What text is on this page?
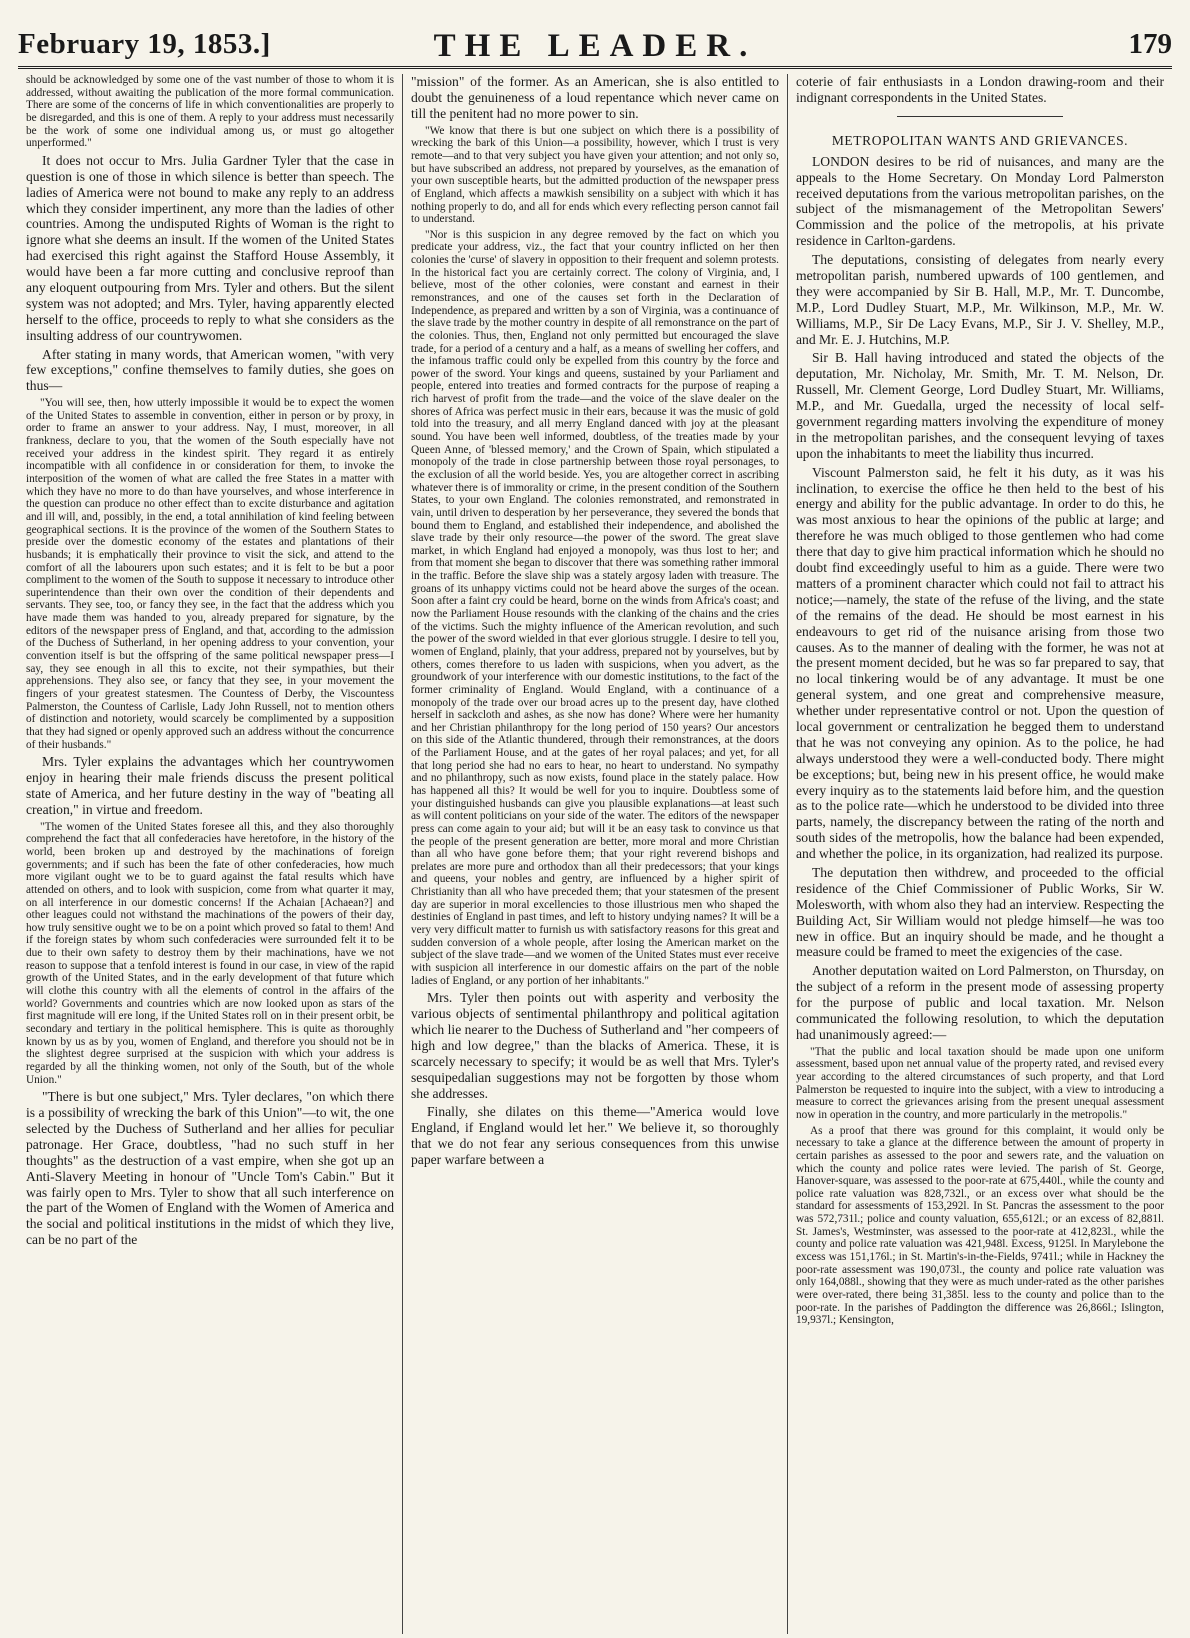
February 19, 1853.]	THE LEADER.	179

should be acknowledged by some one of the vast number of those to whom it is addressed, without awaiting the publication of the more formal communication. There are some of the concerns of life in which conventionalities are properly to be disregarded, and this is one of them. A reply to your address must necessarily be the work of some one individual among us, or must go altogether unperformed."

It does not occur to Mrs. Julia Gardner Tyler that the case in question is one of those in which silence is better than speech. The ladies of America were not bound to make any reply to an address which they consider impertinent, any more than the ladies of other countries. Among the undisputed Rights of Woman is the right to ignore what she deems an insult. If the women of the United States had exercised this right against the Stafford House Assembly, it would have been a far more cutting and conclusive reproof than any eloquent outpouring from Mrs. Tyler and others. But the silent system was not adopted; and Mrs. Tyler, having apparently elected herself to the office, proceeds to reply to what she considers as the insulting address of our countrywomen.

After stating in many words, that American women, "with very few exceptions," confine themselves to family duties, she goes on thus—

"You will see, then, how utterly impossible it would be to expect the women of the United States to assemble in convention, either in person or by proxy, in order to frame an answer to your address. Nay, I must, moreover, in all frankness, declare to you, that the women of the South especially have not received your address in the kindest spirit. They regard it as entirely incompatible with all confidence in or consideration for them, to invoke the interposition of the women of what are called the free States in a matter with which they have no more to do than have yourselves, and whose interference in the question can produce no other effect than to excite disturbance and agitation and ill will, and, possibly, in the end, a total annihilation of kind feeling between geographical sections. It is the province of the women of the Southern States to preside over the domestic economy of the estates and plantations of their husbands; it is emphatically their province to visit the sick, and attend to the comfort of all the labourers upon such estates; and it is felt to be but a poor compliment to the women of the South to suppose it necessary to introduce other superintendence than their own over the condition of their dependents and servants. They see, too, or fancy they see, in the fact that the address which you have made them was handed to you, already prepared for signature, by the editors of the newspaper press of England, and that, according to the admission of the Duchess of Sutherland, in her opening address to your convention, your convention itself is but the offspring of the same political newspaper press—I say, they see enough in all this to excite, not their sympathies, but their apprehensions. They also see, or fancy that they see, in your movement the fingers of your greatest statesmen. The Countess of Derby, the Viscountess Palmerston, the Countess of Carlisle, Lady John Russell, not to mention others of distinction and notoriety, would scarcely be complimented by a supposition that they had signed or openly approved such an address without the concurrence of their husbands."

Mrs. Tyler explains the advantages which her countrywomen enjoy in hearing their male friends discuss the present political state of America, and her future destiny in the way of "beating all creation," in virtue and freedom.

"The women of the United States foresee all this, and they also thoroughly comprehend the fact that all confederacies have heretofore, in the history of the world, been broken up and destroyed by the machinations of foreign governments; and if such has been the fate of other confederacies, how much more vigilant ought we to be to guard against the fatal results which have attended on others, and to look with suspicion, come from what quarter it may, on all interference in our domestic concerns! If the Achaian [Achaean?] and other leagues could not withstand the machinations of the powers of their day, how truly sensitive ought we to be on a point which proved so fatal to them! And if the foreign states by whom such confederacies were surrounded felt it to be due to their own safety to destroy them by their machinations, have we not reason to suppose that a tenfold interest is found in our case, in view of the rapid growth of the United States, and in the early development of that future which will clothe this country with all the elements of control in the affairs of the world? Governments and countries which are now looked upon as stars of the first magnitude will ere long, if the United States roll on in their present orbit, be secondary and tertiary in the political hemisphere. This is quite as thoroughly known by us as by you, women of England, and therefore you should not be in the slightest degree surprised at the suspicion with which your address is regarded by all the thinking women, not only of the South, but of the whole Union."

"There is but one subject," Mrs. Tyler declares, "on which there is a possibility of wrecking the bark of this Union"—to wit, the one selected by the Duchess of Sutherland and her allies for peculiar patronage. Her Grace, doubtless, "had no such stuff in her thoughts" as the destruction of a vast empire, when she got up an Anti-Slavery Meeting in honour of "Uncle Tom's Cabin." But it was fairly open to Mrs. Tyler to show that all such interference on the part of the Women of England with the Women of America and the social and political institutions in the midst of which they live, can be no part of the

"mission" of the former. As an American, she is also entitled to doubt the genuineness of a loud repentance which never came on till the penitent had no more power to sin.

"We know that there is but one subject on which there is a possibility of wrecking the bark of this Union—a possibility, however, which I trust is very remote—and to that very subject you have given your attention; and not only so, but have subscribed an address, not prepared by yourselves, as the emanation of your own susceptible hearts, but the admitted production of the newspaper press of England, which affects a mawkish sensibility on a subject with which it has nothing properly to do, and all for ends which every reflecting person cannot fail to understand.

"Nor is this suspicion in any degree removed by the fact on which you predicate your address, viz., the fact that your country inflicted on her then colonies the 'curse' of slavery in opposition to their frequent and solemn protests. In the historical fact you are certainly correct. The colony of Virginia, and, I believe, most of the other colonies, were constant and earnest in their remonstrances, and one of the causes set forth in the Declaration of Independence, as prepared and written by a son of Virginia, was a continuance of the slave trade by the mother country in despite of all remonstrance on the part of the colonies. Thus, then, England not only permitted but encouraged the slave trade, for a period of a century and a half, as a means of swelling her coffers, and the infamous traffic could only be expelled from this country by the force and power of the sword. Your kings and queens, sustained by your Parliament and people, entered into treaties and formed contracts for the purpose of reaping a rich harvest of profit from the trade—and the voice of the slave dealer on the shores of Africa was perfect music in their ears, because it was the music of gold told into the treasury, and all merry England danced with joy at the pleasant sound. You have been well informed, doubtless, of the treaties made by your Queen Anne, of 'blessed memory,' and the Crown of Spain, which stipulated a monopoly of the trade in close partnership between those royal personages, to the exclusion of all the world beside. Yes, you are altogether correct in ascribing whatever there is of immorality or crime, in the present condition of the Southern States, to your own England. The colonies remonstrated, and remonstrated in vain, until driven to desperation by her perseverance, they severed the bonds that bound them to England, and established their independence, and abolished the slave trade by their only resource—the power of the sword. The great slave market, in which England had enjoyed a monopoly, was thus lost to her; and from that moment she began to discover that there was something rather immoral in the traffic. Before the slave ship was a stately argosy laden with treasure. The groans of its unhappy victims could not be heard above the surges of the ocean. Soon after a faint cry could be heard, borne on the winds from Africa's coast; and now the Parliament House resounds with the clanking of the chains and the cries of the victims. Such the mighty influence of the American revolution, and such the power of the sword wielded in that ever glorious struggle. I desire to tell you, women of England, plainly, that your address, prepared not by yourselves, but by others, comes therefore to us laden with suspicions, when you advert, as the groundwork of your interference with our domestic institutions, to the fact of the former criminality of England. Would England, with a continuance of a monopoly of the trade over our broad acres up to the present day, have clothed herself in sackcloth and ashes, as she now has done? Where were her humanity and her Christian philanthropy for the long period of 150 years? Our ancestors on this side of the Atlantic thundered, through their remonstrances, at the doors of the Parliament House, and at the gates of her royal palaces; and yet, for all that long period she had no ears to hear, no heart to understand. No sympathy and no philanthropy, such as now exists, found place in the stately palace. How has happened all this? It would be well for you to inquire. Doubtless some of your distinguished husbands can give you plausible explanations—at least such as will content politicians on your side of the water. The editors of the newspaper press can come again to your aid; but will it be an easy task to convince us that the people of the present generation are better, more moral and more Christian than all who have gone before them; that your right reverend bishops and prelates are more pure and orthodox than all their predecessors; that your kings and queens, your nobles and gentry, are influenced by a higher spirit of Christianity than all who have preceded them; that your statesmen of the present day are superior in moral excellencies to those illustrious men who shaped the destinies of England in past times, and left to history undying names? It will be a very very difficult matter to furnish us with satisfactory reasons for this great and sudden conversion of a whole people, after losing the American market on the subject of the slave trade—and we women of the United States must ever receive with suspicion all interference in our domestic affairs on the part of the noble ladies of England, or any portion of her inhabitants."

Mrs. Tyler then points out with asperity and verbosity the various objects of sentimental philanthropy and political agitation which lie nearer to the Duchess of Sutherland and "her compeers of high and low degree," than the blacks of America. These, it is scarcely necessary to specify; it would be as well that Mrs. Tyler's sesquipedalian suggestions may not be forgotten by those whom she addresses.

Finally, she dilates on this theme—"America would love England, if England would let her." We believe it, so thoroughly that we do not fear any serious consequences from this unwise paper warfare between a

coterie of fair enthusiasts in a London drawing-room and their indignant correspondents in the United States.

METROPOLITAN WANTS AND GRIEVANCES.

LONDON desires to be rid of nuisances, and many are the appeals to the Home Secretary. On Monday Lord Palmerston received deputations from the various metropolitan parishes, on the subject of the mismanagement of the Metropolitan Sewers' Commission and the police of the metropolis, at his private residence in Carlton-gardens.

The deputations, consisting of delegates from nearly every metropolitan parish, numbered upwards of 100 gentlemen, and they were accompanied by Sir B. Hall, M.P., Mr. T. Duncombe, M.P., Lord Dudley Stuart, M.P., Mr. Wilkinson, M.P., Mr. W. Williams, M.P., Sir De Lacy Evans, M.P., Sir J. V. Shelley, M.P., and Mr. E. J. Hutchins, M.P.

Sir B. Hall having introduced and stated the objects of the deputation, Mr. Nicholay, Mr. Smith, Mr. T. M. Nelson, Dr. Russell, Mr. Clement George, Lord Dudley Stuart, Mr. Williams, M.P., and Mr. Guedalla, urged the necessity of local self-government regarding matters involving the expenditure of money in the metropolitan parishes, and the consequent levying of taxes upon the inhabitants to meet the liability thus incurred.

Viscount Palmerston said, he felt it his duty, as it was his inclination, to exercise the office he then held to the best of his energy and ability for the public advantage. In order to do this, he was most anxious to hear the opinions of the public at large; and therefore he was much obliged to those gentlemen who had come there that day to give him practical information which he should no doubt find exceedingly useful to him as a guide. There were two matters of a prominent character which could not fail to attract his notice;—namely, the state of the refuse of the living, and the state of the remains of the dead. He should be most earnest in his endeavours to get rid of the nuisance arising from those two causes. As to the manner of dealing with the former, he was not at the present moment decided, but he was so far prepared to say, that no local tinkering would be of any advantage. It must be one general system, and one great and comprehensive measure, whether under representative control or not. Upon the question of local government or centralization he begged them to understand that he was not conveying any opinion. As to the police, he had always understood they were a well-conducted body. There might be exceptions; but, being new in his present office, he would make every inquiry as to the statements laid before him, and the question as to the police rate—which he understood to be divided into three parts, namely, the discrepancy between the rating of the north and south sides of the metropolis, how the balance had been expended, and whether the police, in its organization, had realized its purpose.

The deputation then withdrew, and proceeded to the official residence of the Chief Commissioner of Public Works, Sir W. Molesworth, with whom also they had an interview. Respecting the Building Act, Sir William would not pledge himself—he was too new in office. But an inquiry should be made, and he thought a measure could be framed to meet the exigencies of the case.

Another deputation waited on Lord Palmerston, on Thursday, on the subject of a reform in the present mode of assessing property for the purpose of public and local taxation. Mr. Nelson communicated the following resolution, to which the deputation had unanimously agreed:—

"That the public and local taxation should be made upon one uniform assessment, based upon net annual value of the property rated, and revised every year according to the altered circumstances of such property, and that Lord Palmerston be requested to inquire into the subject, with a view to introducing a measure to correct the grievances arising from the present unequal assessment now in operation in the country, and more particularly in the metropolis."

As a proof that there was ground for this complaint, it would only be necessary to take a glance at the difference between the amount of property in certain parishes as assessed to the poor and sewers rate, and the valuation on which the county and police rates were levied. The parish of St. George, Hanover-square, was assessed to the poor-rate at 675,440l., while the county and police rate valuation was 828,732l., or an excess over what should be the standard for assessments of 153,292l. In St. Pancras the assessment to the poor was 572,731l.; police and county valuation, 655,612l.; or an excess of 82,881l. St. James's, Westminster, was assessed to the poor-rate at 412,823l., while the county and police rate valuation was 421,948l. Excess, 9125l. In Marylebone the excess was 151,176l.; in St. Martin's-in-the-Fields, 9741l.; while in Hackney the poor-rate assessment was 190,073l., the county and police rate valuation was only 164,088l., showing that they were as much under-rated as the other parishes were over-rated, there being 31,385l. less to the county and police than to the poor-rate. In the parishes of Paddington the difference was 26,866l.; Islington, 19,937l.; Kensington,
